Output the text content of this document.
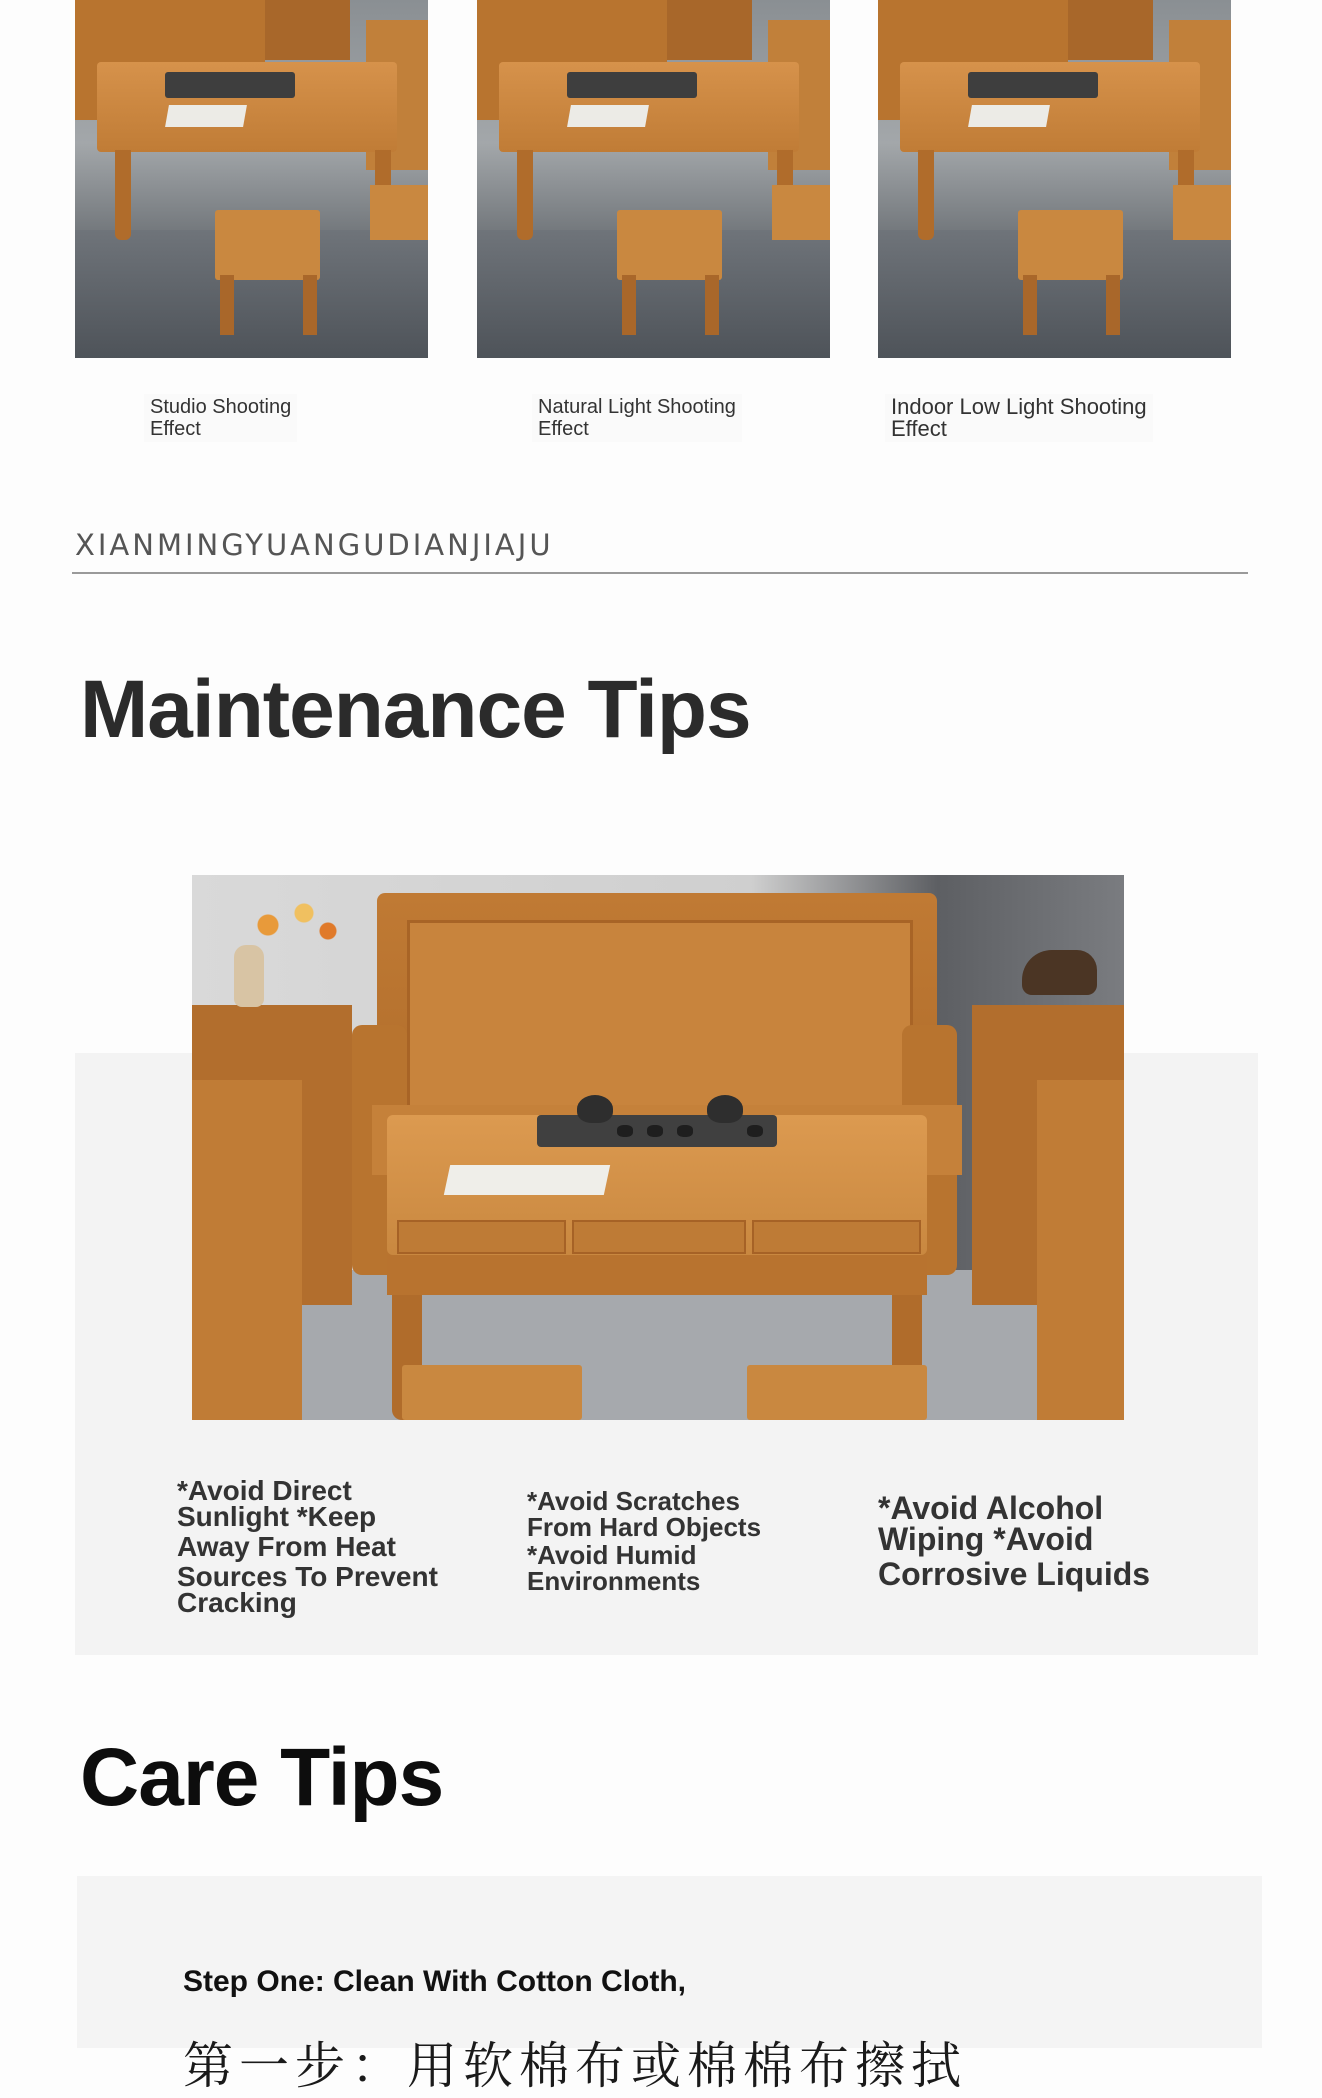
Studio Shooting
Effect
Natural Light Shooting
Effect
Indoor Low Light Shooting
Effect
XIANMINGYUANGUDIANJIAJU
Maintenance Tips
*Avoid Direct
Sunlight *Keep
Away From Heat
Sources To Prevent
Cracking
*Avoid Scratches
From Hard Objects
*Avoid Humid
Environments
*Avoid Alcohol
Wiping *Avoid
Corrosive Liquids
Care Tips
Step One: Clean With Cotton Cloth,
第一步：用软棉布或棉棉布擦拭
